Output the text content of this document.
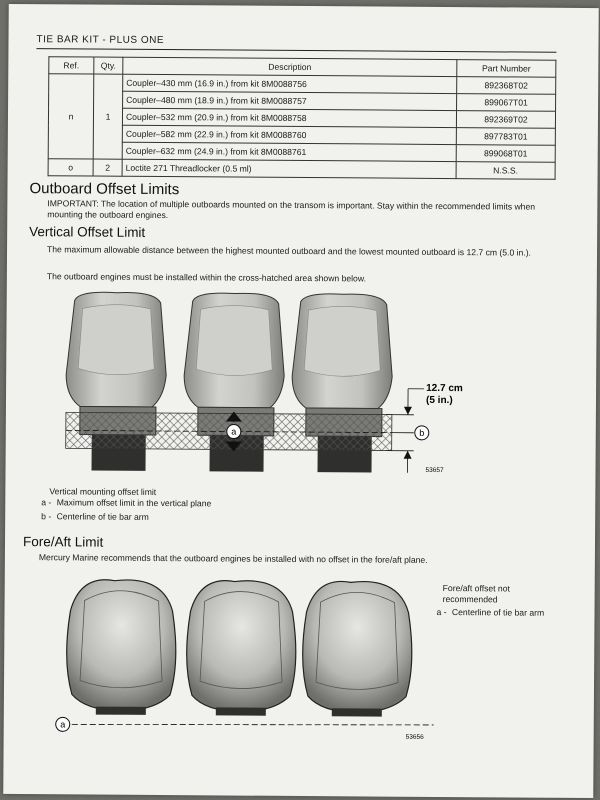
TIE BAR KIT - PLUS ONE
Ref.	Qty.	Description	Part Number
n	1	Coupler–430 mm (16.9 in.) from kit 8M0088756	892368T02
		Coupler–480 mm (18.9 in.) from kit 8M0088757	899067T01
		Coupler–532 mm (20.9 in.) from kit 8M0088758	892369T02
		Coupler–582 mm (22.9 in.) from kit 8M0088760	897783T01
		Coupler–632 mm (24.9 in.) from kit 8M0088761	899068T01
o	2	Loctite 271 Threadlocker (0.5 ml)	N.S.S.
Outboard Offset Limits
IMPORTANT: The location of multiple outboards mounted on the transom is important. Stay within the recommended limits when mounting the outboard engines.
Vertical Offset Limit
The maximum allowable distance between the highest mounted outboard and the lowest mounted outboard is 12.7 cm (5.0 in.).
The outboard engines must be installed within the cross-hatched area shown below.
a
12.7 cm
(5 in.)
b
53657
Vertical mounting offset limit
a - Maximum offset limit in the vertical plane
b - Centerline of tie bar arm
Fore/Aft Limit
Mercury Marine recommends that the outboard engines be installed with no offset in the fore/aft plane.
a
53656
Fore/aft offset not recommended
a - Centerline of tie bar arm
